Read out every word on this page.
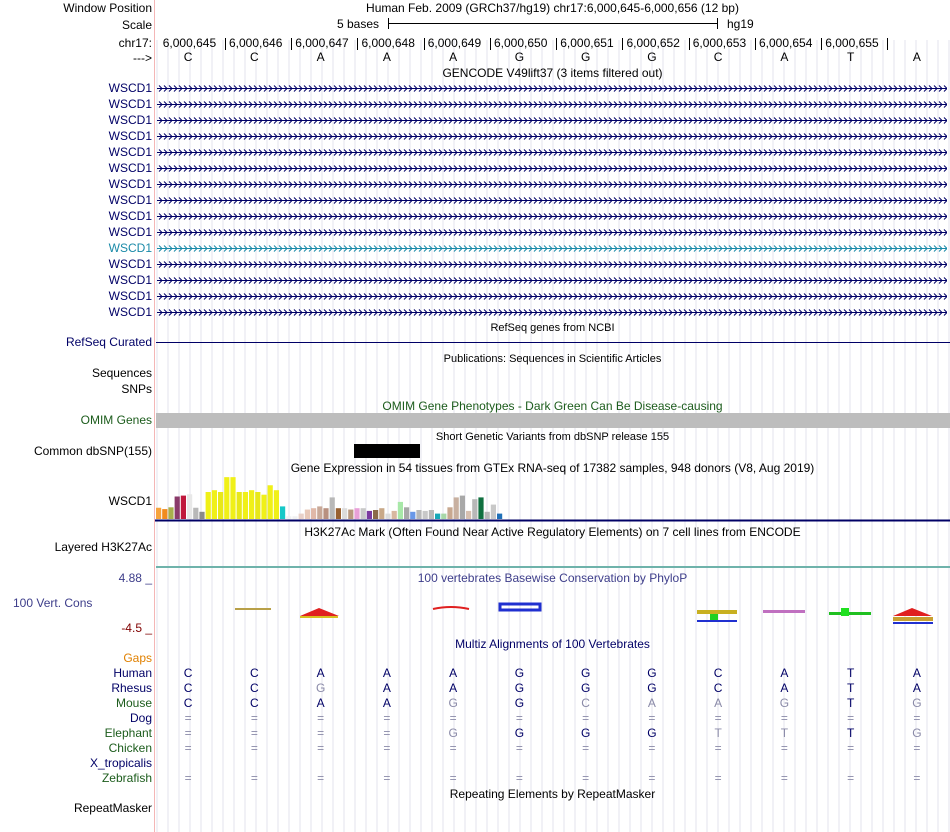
Window Position
Scale
chr17:
--->
Human Feb. 2009 (GRCh37/hg19) chr17:6,000,645-6,000,656 (12 bp)
5 bases	hg19
6,000,645 6,000,646 6,000,647 6,000,648 6,000,649 6,000,650 6,000,651 6,000,652 6,000,653 6,000,654 6,000,655
C	C	A	A	A	G	G	G	C	A	T	A
GENCODE V49lift37 (3 items filtered out)
WSCD1
WSCD1
WSCD1
WSCD1
WSCD1
WSCD1
WSCD1
WSCD1
WSCD1
WSCD1
WSCD1
WSCD1
WSCD1
WSCD1
WSCD1
RefSeq genes from NCBI
RefSeq Curated
Publications: Sequences in Scientific Articles
Sequences
SNPs
OMIM Gene Phenotypes - Dark Green Can Be Disease-causing
OMIM Genes
Short Genetic Variants from dbSNP release 155
Common dbSNP(155)
Gene Expression in 54 tissues from GTEx RNA-seq of 17382 samples, 948 donors (V8, Aug 2019)
WSCD1
H3K27Ac Mark (Often Found Near Active Regulatory Elements) on 7 cell lines from ENCODE
Layered H3K27Ac
100 vertebrates Basewise Conservation by PhyloP
4.88 _
100 Vert. Cons
-4.5 _
Multiz Alignments of 100 Vertebrates
Gaps
Human	C	C	A	A	A	G	G	G	C	A	T	A
Rhesus	C	C	G	A	A	G	G	G	C	A	T	A
Mouse	C	C	A	A	G	G	C	A	A	G	T	G
Dog	=	=	=	=	=	=	=	=	=	=	=	=
Elephant	=	=	=	=	G	G	G	G	T	T	T	G
Chicken	=	=	=	=	=	=	=	=	=	=	=	=
X_tropicalis
Zebrafish	=	=	=	=	=	=	=	=	=	=	=	=
Repeating Elements by RepeatMasker
RepeatMasker
